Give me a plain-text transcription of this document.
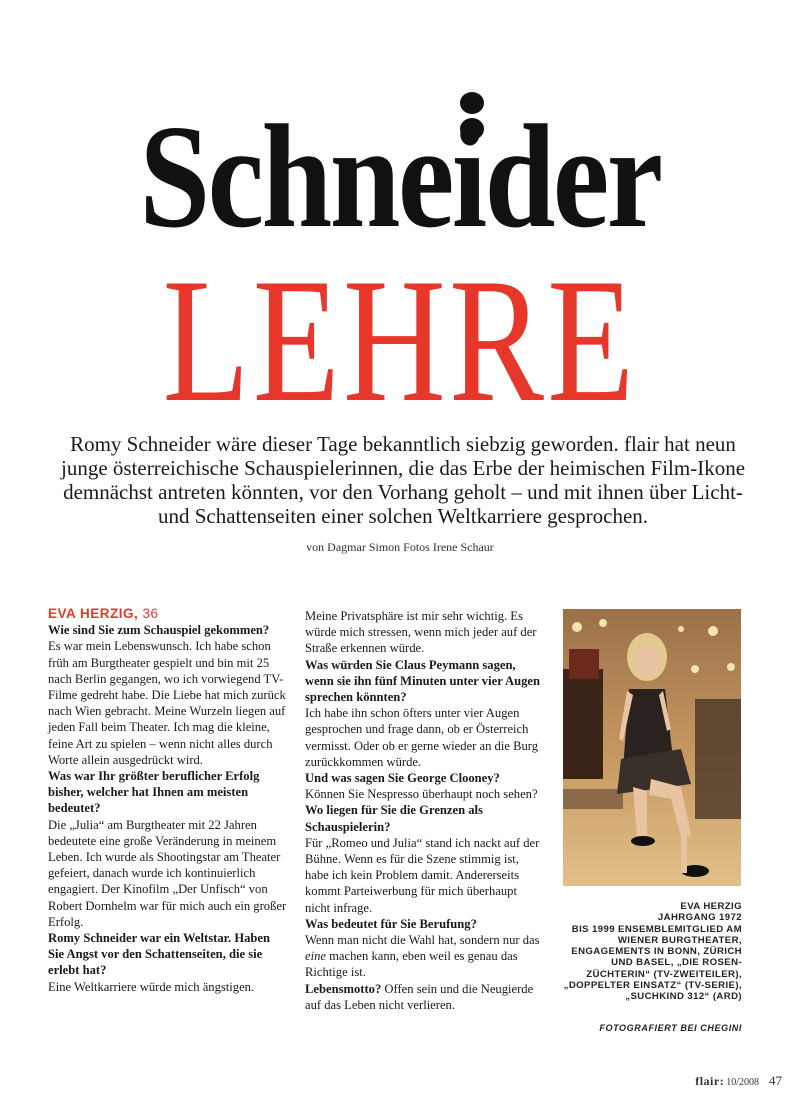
Schneider
LEHRE
Romy Schneider wäre dieser Tage bekanntlich siebzig geworden. flair hat neun junge österreichische Schauspielerinnen, die das Erbe der heimischen Film-Ikone demnächst antreten könnten, vor den Vorhang geholt – und mit ihnen über Licht- und Schattenseiten einer solchen Weltkarriere gesprochen.
von Dagmar Simon Fotos Irene Schaur

EVA HERZIG, 36

Wie sind Sie zum Schauspiel gekommen?

Es war mein Lebenswunsch. Ich habe schon früh am Burgtheater gespielt und bin mit 25 nach Berlin gegangen, wo ich vorwiegend TV-Filme gedreht habe. Die Liebe hat mich zurück nach Wien gebracht. Meine Wurzeln liegen auf jeden Fall beim Theater. Ich mag die kleine, feine Art zu spielen – wenn nicht alles durch Worte allein ausgedrückt wird.

Was war Ihr größter beruflicher Erfolg bisher, welcher hat Ihnen am meisten bedeutet?

Die „Julia“ am Burgtheater mit 22 Jahren bedeutete eine große Veränderung in meinem Leben. Ich wurde als Shootingstar am Theater gefeiert, danach wurde ich kontinuierlich engagiert. Der Kinofilm „Der Unfisch“ von Robert Dornhelm war für mich auch ein großer Erfolg.

Romy Schneider war ein Weltstar. Haben Sie Angst vor den Schattenseiten, die sie erlebt hat?

Eine Weltkarriere würde mich ängstigen.

Meine Privatsphäre ist mir sehr wichtig. Es würde mich stressen, wenn mich jeder auf der Straße erkennen würde.

Was würden Sie Claus Peymann sagen, wenn sie ihn fünf Minuten unter vier Augen sprechen könnten?

Ich habe ihn schon öfters unter vier Augen gesprochen und frage dann, ob er Österreich vermisst. Oder ob er gerne wieder an die Burg zurückkommen würde.

Und was sagen Sie George Clooney?

Können Sie Nespresso überhaupt noch sehen?

Wo liegen für Sie die Grenzen als Schauspielerin?

Für „Romeo und Julia“ stand ich nackt auf der Bühne. Wenn es für die Szene stimmig ist, habe ich kein Problem damit. Andererseits kommt Parteiwerbung für mich überhaupt nicht infrage.

Was bedeutet für Sie Berufung?

Wenn man nicht die Wahl hat, sondern nur das eine machen kann, eben weil es genau das Richtige ist.

Lebensmotto? Offen sein und die Neugierde auf das Leben nicht verlieren.

EVA HERZIG
JAHRGANG 1972
BIS 1999 ENSEMBLEMITGLIED AM
WIENER BURGTHEATER,
ENGAGEMENTS IN BONN, ZÜRICH
UND BASEL, „DIE ROSEN-
ZÜCHTERIN“ (TV-ZWEITEILER),
„DOPPELTER EINSATZ“ (TV-SERIE),
„SUCHKIND 312“ (ARD)
FOTOGRAFIERT BEI CHEGINI
flair: 10/2008 47
